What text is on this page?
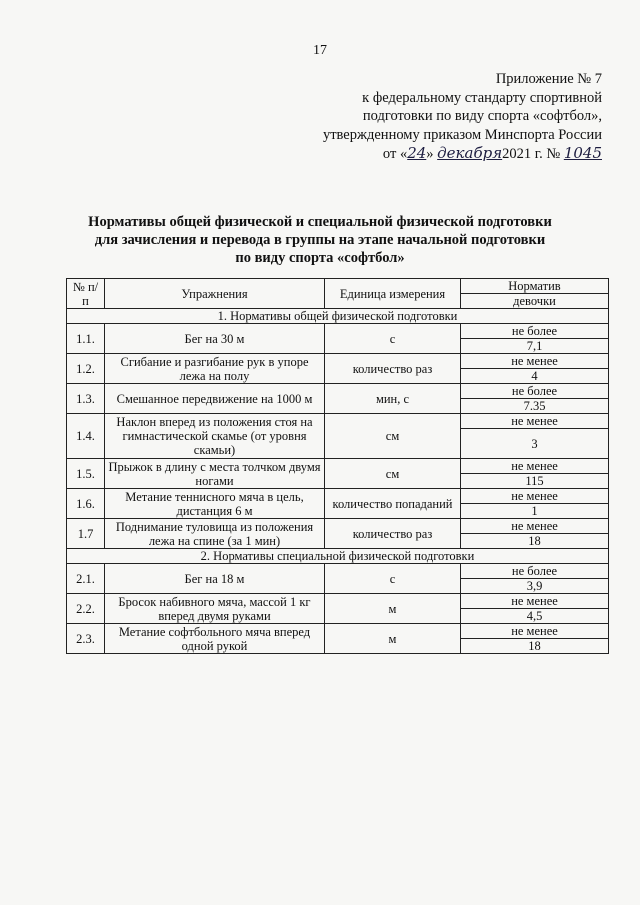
17
Приложение № 7
к федеральному стандарту спортивной
подготовки по виду спорта «софтбол»,
утвержденному приказом Минспорта России
от «24» декабря2021 г. № 1045
Нормативы общей физической и специальной физической подготовки
для зачисления и перевода в группы на этапе начальной подготовки
по виду спорта «софтбол»
№ п/п	Упражнения	Единица измерения	Норматив
			девочки
1. Нормативы общей физической подготовки			
1.1.	Бег на 30 м	с	не более
			7,1
1.2.	Сгибание и разгибание рук в упоре лежа на полу	количество раз	не менее
			4
1.3.	Смешанное передвижение на 1000 м	мин, с	не более
			7.35
1.4.	Наклон вперед из положения стоя на гимнастической скамье (от уровня скамьи)	см	не менее
			3
1.5.	Прыжок в длину с места толчком двумя ногами	см	не менее
			115
1.6.	Метание теннисного мяча в цель, дистанция 6 м	количество попаданий	не менее
			1
1.7	Поднимание туловища из положения лежа на спине (за 1 мин)	количество раз	не менее
			18
2. Нормативы специальной физической подготовки			
2.1.	Бег на 18 м	с	не более
			3,9
2.2.	Бросок набивного мяча, массой 1 кг вперед двумя руками	м	не менее
			4,5
2.3.	Метание софтбольного мяча вперед одной рукой	м	не менее
			18
